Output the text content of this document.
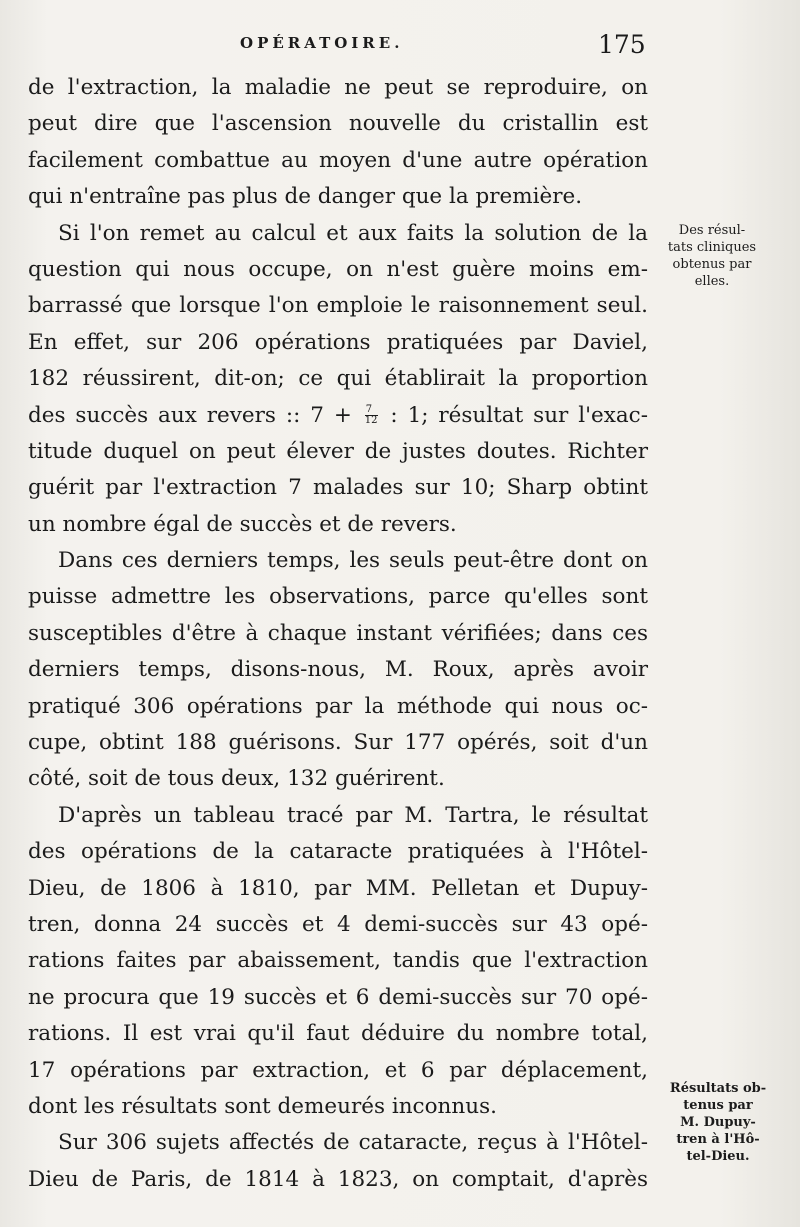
OPÉRATOIRE.	175
de l'extraction, la maladie ne peut se reproduire, on
peut dire que l'ascension nouvelle du cristallin est
facilement combattue au moyen d'une autre opération
qui n'entraîne pas plus de danger que la première.
Si l'on remet au calcul et aux faits la solution de la
question qui nous occupe, on n'est guère moins em-
barrassé que lorsque l'on emploie le raisonnement seul.
En effet, sur 206 opérations pratiquées par Daviel,
182 réussirent, dit-on; ce qui établirait la proportion
des succès aux revers :: $7 + \frac{7}{12}$ : 1; résultat sur l'exac-
titude duquel on peut élever de justes doutes. Richter
guérit par l'extraction 7 malades sur 10; Sharp obtint
un nombre égal de succès et de revers.
Dans ces derniers temps, les seuls peut-être dont on
puisse admettre les observations, parce qu'elles sont
susceptibles d'être à chaque instant vérifiées; dans ces
derniers temps, disons-nous, M. Roux, après avoir
pratiqué 306 opérations par la méthode qui nous oc-
cupe, obtint 188 guérisons. Sur 177 opérés, soit d'un
côté, soit de tous deux, 132 guérirent.
D'après un tableau tracé par M. Tartra, le résultat
des opérations de la cataracte pratiquées à l'Hôtel-
Dieu, de 1806 à 1810, par MM. Pelletan et Dupuy-
tren, donna 24 succès et 4 demi-succès sur 43 opé-
rations faites par abaissement, tandis que l'extraction
ne procura que 19 succès et 6 demi-succès sur 70 opé-
rations. Il est vrai qu'il faut déduire du nombre total,
17 opérations par extraction, et 6 par déplacement,
dont les résultats sont demeurés inconnus.
Sur 306 sujets affectés de cataracte, reçus à l'Hôtel-
Dieu de Paris, de 1814 à 1823, on comptait, d'après
Des résul-
tats cliniques
obtenus par
elles.
Résultats ob-
tenus par
M. Dupuy-
tren à l'Hô-
tel-Dieu.
